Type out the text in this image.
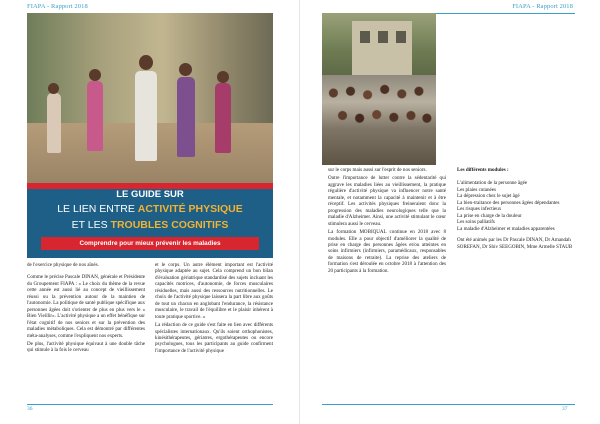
FIAPA - Rapport 2018
LE GUIDE SUR
LE LIEN ENTRE ACTIVITÉ PHYSIQUE
ET LES TROUBLES COGNITIFS
Comprendre pour mieux prévenir les maladies

de l'exercice physique de nos aînés.

Comme le précise Pascale DINAN, générale et Présidente du Groupement FIAPA : « Le choix du thème de la revue cette année est aussi lié au concept de vieillissement réussi ou la prévention autour de la maintien de l'autonomie. La politique de santé publique spécifique aux personnes âgées doit s'orienter de plus en plus vers le « Bien Vieillir». L'activité physique a un effet bénéfique sur l'état cognitif de nos seniors et sur la prévention des maladies métaboliques. Cela est démontré par différentes méta-analyses, comme l'expliquent nos experts.

De plus, l'activité physique équivaut à une double tâche qui stimule à la fois le cerveau

et le corps. Un autre élément important est l'activité physique adaptée au sujet. Cela comprend un bon bilan d'évaluation gériatrique standardisé des sujets incluant les capacités motrices, d'autonomie, de forces musculaires résiduelles, mais aussi des ressources nutritionnelles. Le choix de l'activité physique laissera la part libre aux goûts de tout un chacun en anglobant l'endurance, la résistance musculaire, le travail de l'équilibre et le plaisir inhérent à toute pratique sportive. »

La rédaction de ce guide s'est faite en lien avec différents spécialistes internationaux. Qu'ils soient orthophonistes, kinésithérapeutes, gériatres, ergothérapeutes ou encore psychologues, tous les participants au guide confirment l'importance de l'activité physique

36
FIAPA - Rapport 2018
37

sur le corps mais aussi sur l'esprit de nos seniors.

Outre l'importance de lutter contre la sédentarité qui aggrave les maladies liées au vieillissement, la pratique régulière d'activité physique va influencer notre santé mentale, et notamment la capacité à maintenir et à être réceptif. Les activités physiques freineraient donc la progression des maladies neurologiques telle que la maladie d'Alzheimer. Ainsi, une activité stimulant le cœur stimulera aussi le cerveau.

La formation MOBIQUAL continue en 2018 avec 8 modules. Elle a pour objectif d'améliorer la qualité de prise en charge des personnes âgées et/ou atteintes en soins infirmiers (infirmiers, paramédicaux, responsables de maisons de retraite). La reprise des ateliers de formation s'est déroulée en octobre 2018 à l'attention des 20 participants à la formation.

Les différents modules :
L'alimentation de la personne âgée
Les plaies cutanées
La dépression chez le sujet âgé
La bien-traitance des personnes âgées dépendantes
Les risques infectieux
La prise en charge de la douleur
Les soins palliatifs
La maladie d'Alzheimer et maladies apparentées
Ont été animés par les Dr Pascale DINAN, Dr Amandah SOREFAN, Dr Shiv SEEGOBIN, Mme Armelle STAUB
